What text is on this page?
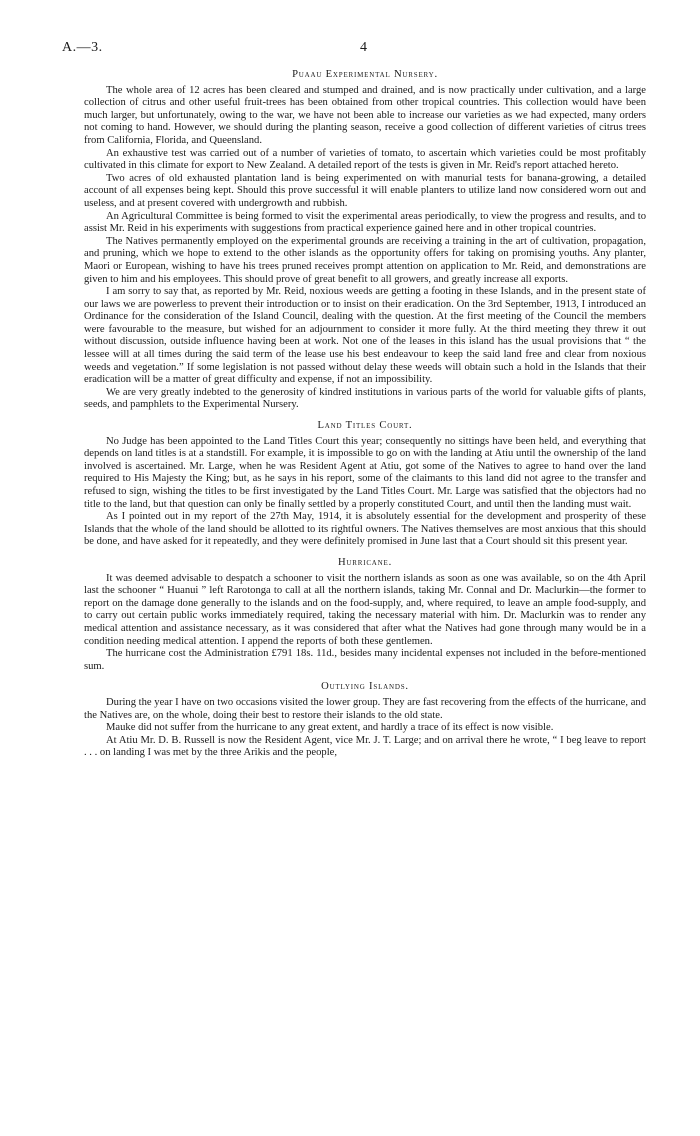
A.—3.	4
Puaau Experimental Nursery.

The whole area of 12 acres has been cleared and stumped and drained, and is now practically under cultivation, and a large collection of citrus and other useful fruit-trees has been obtained from other tropical countries. This collection would have been much larger, but unfortunately, owing to the war, we have not been able to increase our varieties as we had expected, many orders not coming to hand. However, we should during the planting season, receive a good collection of different varieties of citrus trees from California, Florida, and Queensland.

An exhaustive test was carried out of a number of varieties of tomato, to ascertain which varieties could be most profitably cultivated in this climate for export to New Zealand. A detailed report of the tests is given in Mr. Reid's report attached hereto.

Two acres of old exhausted plantation land is being experimented on with manurial tests for banana-growing, a detailed account of all expenses being kept. Should this prove successful it will enable planters to utilize land now considered worn out and useless, and at present covered with undergrowth and rubbish.

An Agricultural Committee is being formed to visit the experimental areas periodically, to view the progress and results, and to assist Mr. Reid in his experiments with suggestions from practical experience gained here and in other tropical countries.

The Natives permanently employed on the experimental grounds are receiving a training in the art of cultivation, propagation, and pruning, which we hope to extend to the other islands as the opportunity offers for taking on promising youths. Any planter, Maori or European, wishing to have his trees pruned receives prompt attention on application to Mr. Reid, and demonstrations are given to him and his employees. This should prove of great benefit to all growers, and greatly increase all exports.

I am sorry to say that, as reported by Mr. Reid, noxious weeds are getting a footing in these Islands, and in the present state of our laws we are powerless to prevent their introduction or to insist on their eradication. On the 3rd September, 1913, I introduced an Ordinance for the consideration of the Island Council, dealing with the question. At the first meeting of the Council the members were favourable to the measure, but wished for an adjournment to consider it more fully. At the third meeting they threw it out without discussion, outside influence having been at work. Not one of the leases in this island has the usual provisions that “ the lessee will at all times during the said term of the lease use his best endeavour to keep the said land free and clear from noxious weeds and vegetation.” If some legislation is not passed without delay these weeds will obtain such a hold in the Islands that their eradication will be a matter of great difficulty and expense, if not an impossibility.

We are very greatly indebted to the generosity of kindred institutions in various parts of the world for valuable gifts of plants, seeds, and pamphlets to the Experimental Nursery.

Land Titles Court.

No Judge has been appointed to the Land Titles Court this year; consequently no sittings have been held, and everything that depends on land titles is at a standstill. For example, it is impossible to go on with the landing at Atiu until the ownership of the land involved is ascertained. Mr. Large, when he was Resident Agent at Atiu, got some of the Natives to agree to hand over the land required to His Majesty the King; but, as he says in his report, some of the claimants to this land did not agree to the transfer and refused to sign, wishing the titles to be first investigated by the Land Titles Court. Mr. Large was satisfied that the objectors had no title to the land, but that question can only be finally settled by a properly constituted Court, and until then the landing must wait.

As I pointed out in my report of the 27th May, 1914, it is absolutely essential for the development and prosperity of these Islands that the whole of the land should be allotted to its rightful owners. The Natives themselves are most anxious that this should be done, and have asked for it repeatedly, and they were definitely promised in June last that a Court should sit this present year.

Hurricane.

It was deemed advisable to despatch a schooner to visit the northern islands as soon as one was available, so on the 4th April last the schooner “ Huanui ” left Rarotonga to call at all the northern islands, taking Mr. Connal and Dr. Maclurkin—the former to report on the damage done generally to the islands and on the food-supply, and, where required, to leave an ample food-supply, and to carry out certain public works immediately required, taking the necessary material with him. Dr. Maclurkin was to render any medical attention and assistance necessary, as it was considered that after what the Natives had gone through many would be in a condition needing medical attention. I append the reports of both these gentlemen.

The hurricane cost the Administration £791 18s. 11d., besides many incidental expenses not included in the before-mentioned sum.

Outlying Islands.

During the year I have on two occasions visited the lower group. They are fast recovering from the effects of the hurricane, and the Natives are, on the whole, doing their best to restore their islands to the old state.

Mauke did not suffer from the hurricane to any great extent, and hardly a trace of its effect is now visible.

At Atiu Mr. D. B. Russell is now the Resident Agent, vice Mr. J. T. Large; and on arrival there he wrote, “ I beg leave to report . . . on landing I was met by the three Arikis and the people,
